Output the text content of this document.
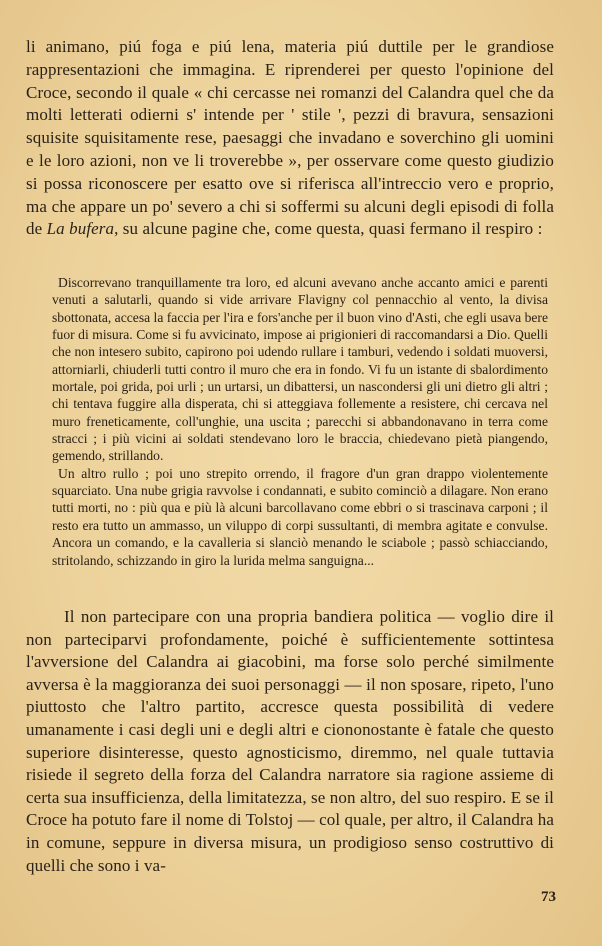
li animano, piú foga e piú lena, materia piú duttile per le grandiose rappresentazioni che immagina. E riprenderei per questo l'opinione del Croce, secondo il quale « chi cercasse nei romanzi del Calandra quel che da molti letterati odierni s' intende per ' stile ', pezzi di bravura, sensazioni squisite squisitamente rese, paesaggi che invadano e soverchino gli uomini e le loro azioni, non ve li troverebbe », per osservare come questo giudizio si possa riconoscere per esatto ove si riferisca all'intreccio vero e proprio, ma che appare un po' severo a chi si soffermi su alcuni degli episodi di folla de La bufera, su alcune pagine che, come questa, quasi fermano il respiro :

Discorrevano tranquillamente tra loro, ed alcuni avevano anche accanto amici e parenti venuti a salutarli, quando si vide arrivare Flavigny col pennacchio al vento, la divisa sbottonata, accesa la faccia per l'ira e fors'anche per il buon vino d'Asti, che egli usava bere fuor di misura. Come si fu avvicinato, impose ai prigionieri di raccomandarsi a Dio. Quelli che non intesero subito, capirono poi udendo rullare i tamburi, vedendo i soldati muoversi, attorniarli, chiuderli tutti contro il muro che era in fondo. Vi fu un istante di sbalordimento mortale, poi grida, poi urli ; un urtarsi, un dibattersi, un nascondersi gli uni dietro gli altri ; chi tentava fuggire alla disperata, chi si atteggiava follemente a resistere, chi cercava nel muro freneticamente, coll'unghie, una uscita ; parecchi si abbandonavano in terra come stracci ; i più vicini ai soldati stendevano loro le braccia, chiedevano pietà piangendo, gemendo, strillando.

Un altro rullo ; poi uno strepito orrendo, il fragore d'un gran drappo violentemente squarciato. Una nube grigia ravvolse i condannati, e subito cominciò a dilagare. Non erano tutti morti, no : più qua e più là alcuni barcollavano come ebbri o si trascinava carponi ; il resto era tutto un ammasso, un viluppo di corpi sussultanti, di membra agitate e convulse. Ancora un comando, e la cavalleria si slanciò menando le sciabole ; passò schiacciando, stritolando, schizzando in giro la lurida melma sanguigna...

Il non partecipare con una propria bandiera politica — voglio dire il non parteciparvi profondamente, poiché è sufficientemente sottintesa l'avversione del Calandra ai giacobini, ma forse solo perché similmente avversa è la maggioranza dei suoi personaggi — il non sposare, ripeto, l'uno piuttosto che l'altro partito, accresce questa possibilità di vedere umanamente i casi degli uni e degli altri e ciononostante è fatale che questo superiore disinteresse, questo agnosticismo, diremmo, nel quale tuttavia risiede il segreto della forza del Calandra narratore sia ragione assieme di certa sua insufficienza, della limitatezza, se non altro, del suo respiro. E se il Croce ha potuto fare il nome di Tolstoj — col quale, per altro, il Calandra ha in comune, seppure in diversa misura, un prodigioso senso costruttivo di quelli che sono i va-

73
